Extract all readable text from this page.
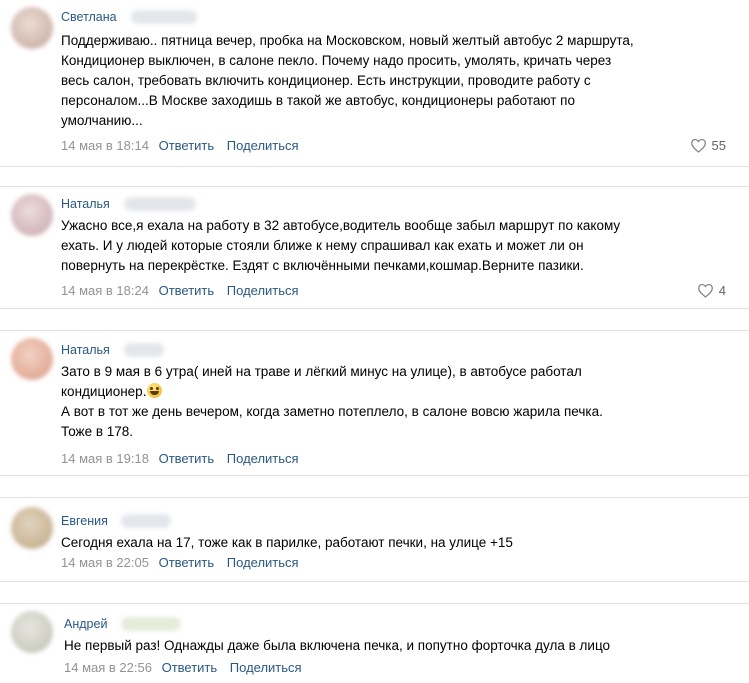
Светлана
Поддерживаю.. пятница вечер, пробка на Московском, новый желтый автобус 2 маршрута,
Кондиционер выключен, в салоне пекло. Почему надо просить, умолять, кричать через
весь салон, требовать включить кондиционер. Есть инструкции, проводите работу с
персоналом...В Москве заходишь в такой же автобус, кондиционеры работают по
умолчанию...
14 мая в 18:14 Ответить Поделиться	55
Наталья
Ужасно все,я ехала на работу в 32 автобусе,водитель вообще забыл маршрут по какому
ехать. И у людей которые стояли ближе к нему спрашивал как ехать и может ли он
повернуть на перекрёстке. Ездят с включёнными печками,кошмар.Верните пазики.
14 мая в 18:24 Ответить Поделиться	4
Наталья
Зато в 9 мая в 6 утра( иней на траве и лёгкий минус на улице), в автобусе работал
кондиционер.
А вот в тот же день вечером, когда заметно потеплело, в салоне вовсю жарила печка.
Тоже в 178.
14 мая в 19:18 Ответить Поделиться
Евгения
Сегодня ехала на 17, тоже как в парилке, работают печки, на улице +15
14 мая в 22:05 Ответить Поделиться
Андрей
Не первый раз! Однажды даже была включена печка, и попутно форточка дула в лицо
14 мая в 22:56 Ответить Поделиться
